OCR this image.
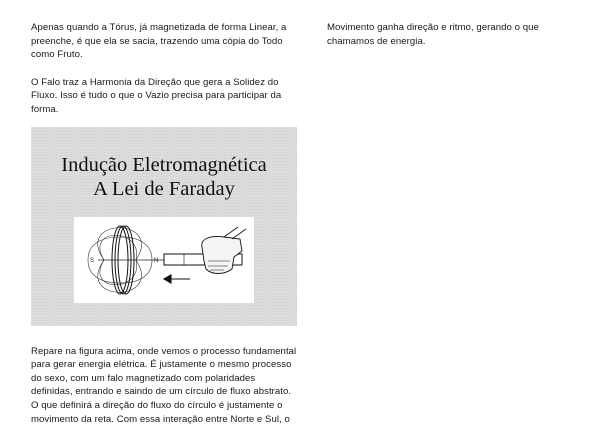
Apenas quando a Tórus, já magnetizada de forma Linear, a preenche, é que ela se sacia, trazendo uma cópia do Todo como Fruto.

O Falo traz a Harmonia da Direção que gera a Solidez do Fluxo. Isso é tudo o que o Vazio precisa para participar da forma.

Indução Eletromagnética
A Lei de Faraday
S	N

Repare na figura acima, onde vemos o processo fundamental para gerar energia elétrica. É justamente o mesmo processo do sexo, com um falo magnetizado com polaridades definidas, entrando e saindo de um círculo de fluxo abstrato. O que definirá a direção do fluxo do círculo é justamente o movimento da reta. Com essa interação entre Norte e Sul, o

Movimento ganha direção e ritmo, gerando o que chamamos de energia.
